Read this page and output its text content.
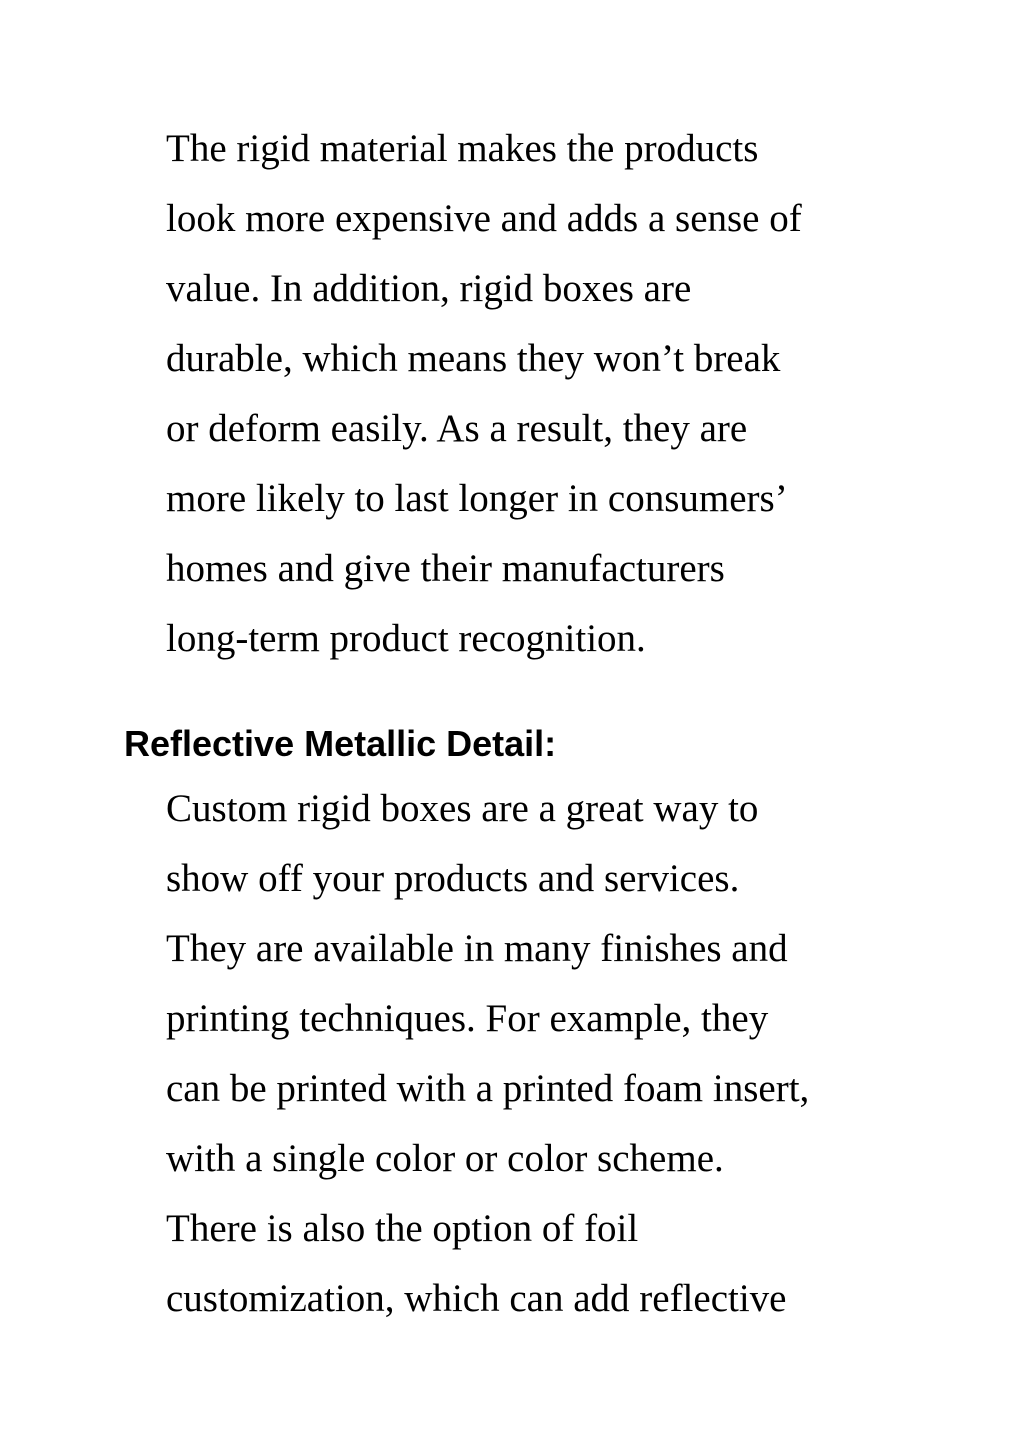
The rigid material makes the products
look more expensive and adds a sense of
value. In addition, rigid boxes are
durable, which means they won’t break
or deform easily. As a result, they are
more likely to last longer in consumers’
homes and give their manufacturers
long-term product recognition.

Reflective Metallic Detail:

Custom rigid boxes are a great way to
show off your products and services.
They are available in many finishes and
printing techniques. For example, they
can be printed with a printed foam insert,
with a single color or color scheme.
There is also the option of foil
customization, which can add reflective
